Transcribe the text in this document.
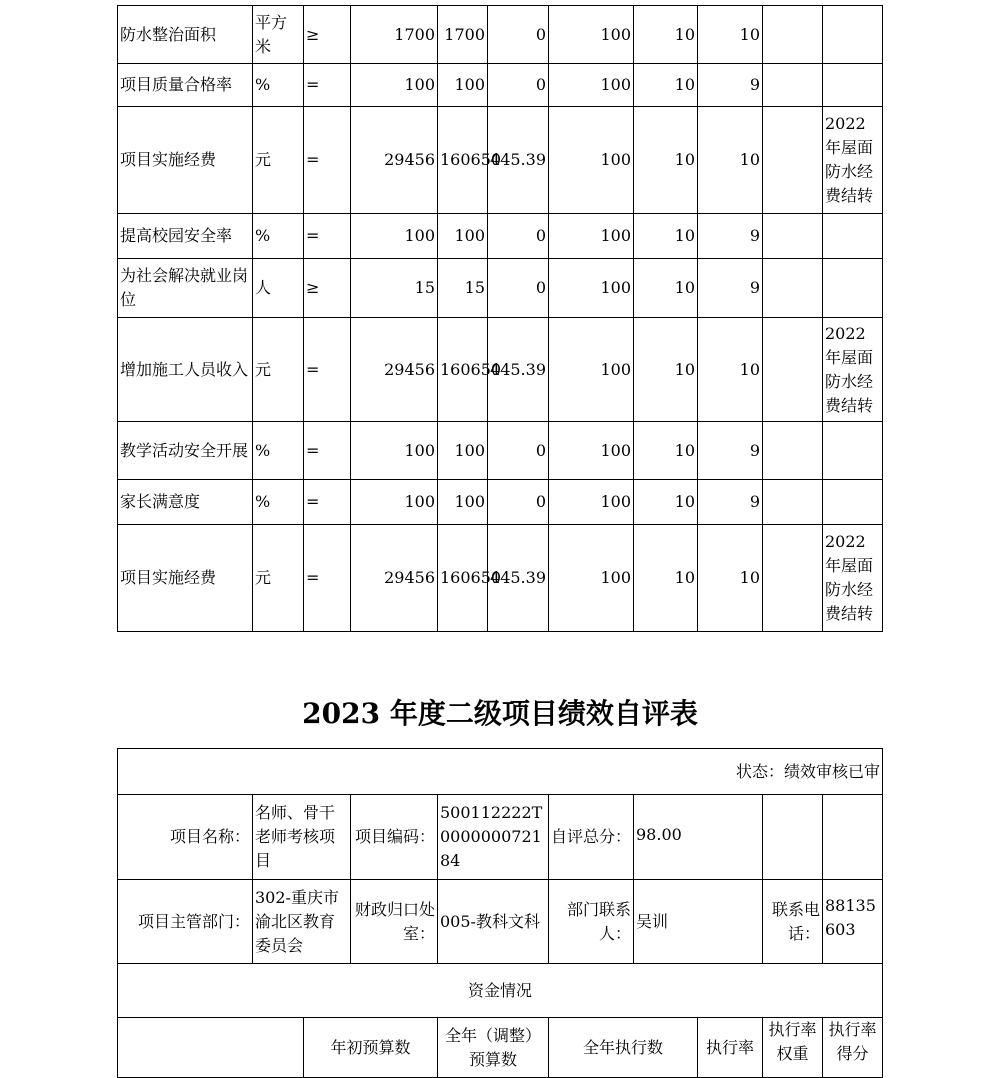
防水整治面积	平方米	≥	1700	1700	0	100	10	10		
项目质量合格率	%	=	100	100	0	100	10	9		
项目实施经费	元	=	29456	160650	445.39	100	10	10		2022年屋面防水经费结转
提高校园安全率	%	=	100	100	0	100	10	9		
为社会解决就业岗位	人	≥	15	15	0	100	10	9		
增加施工人员收入	元	=	29456	160650	445.39	100	10	10		2022年屋面防水经费结转
教学活动安全开展	%	=	100	100	0	100	10	9		
家长满意度	%	=	100	100	0	100	10	9		
项目实施经费	元	=	29456	160650	445.39	100	10	10		2022年屋面防水经费结转
2023 年度二级项目绩效自评表
状态：绩效审核已审									
项目名称：	名师、骨干老师考核项目		项目编码：	500112222T000000072184	自评总分：	98.00			
项目主管部门：	302-重庆市渝北区教育委员会		财政归口处室：	005-教科文科	部门联系人：	吴训		联系电话：	88135603
资金情况									
		年初预算数		全年（调整）预算数	全年执行数		执行率	执行率权重	执行率得分
